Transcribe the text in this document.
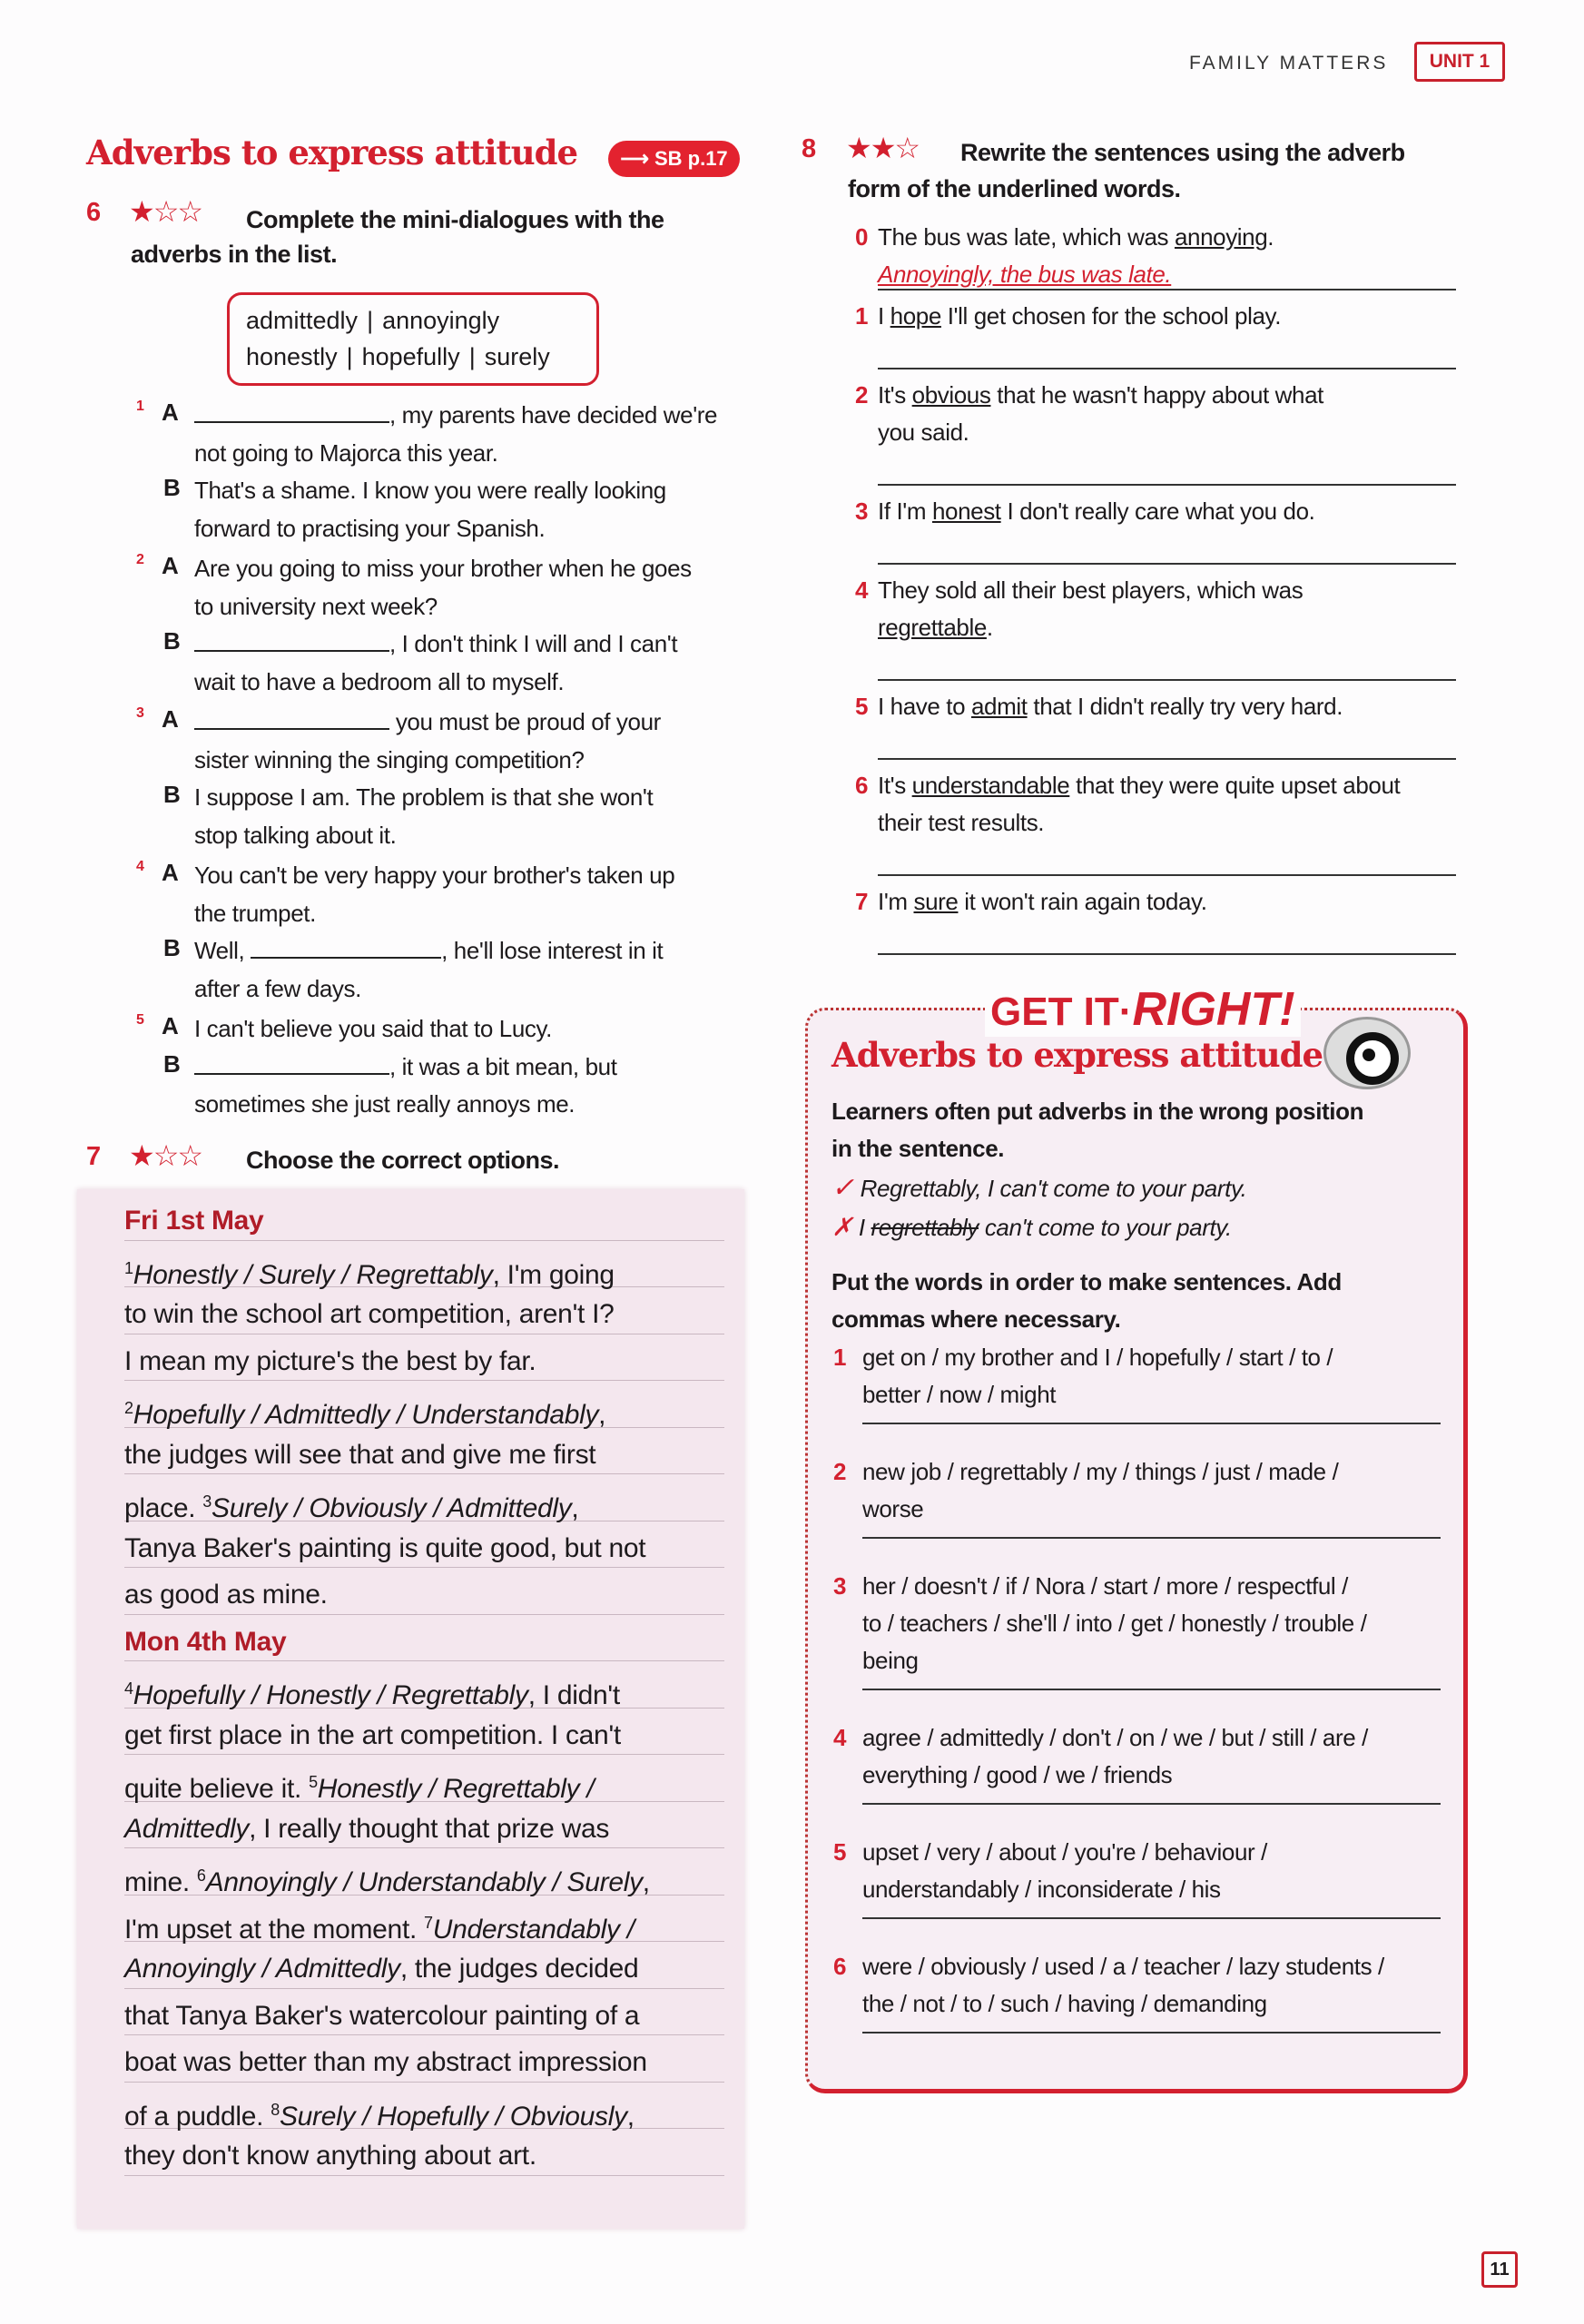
FAMILY MATTERS	UNIT 1
Adverbs to express attitude	⟶ SB p.17
6 ★☆☆ Complete the mini-dialogues with the
adverbs in the list.
admittedly | annoyingly
honestly | hopefully | surely
7 ★☆☆ Choose the correct options.
Fri 1st May
$^1$Honestly / Surely / Regrettably, I'm going
to win the school art competition, aren't I?
I mean my picture's the best by far.
$^2$Hopefully / Admittedly / Understandably,
the judges will see that and give me first
place. $^3$Surely / Obviously / Admittedly,
Tanya Baker's painting is quite good, but not
as good as mine.
Mon 4th May
$^4$Hopefully / Honestly / Regrettably, I didn't
get first place in the art competition. I can't
quite believe it. $^5$Honestly / Regrettably /
Admittedly, I really thought that prize was
mine. $^6$Annoyingly / Understandably / Surely,
I'm upset at the moment. $^7$Understandably /
Annoyingly / Admittedly, the judges decided
that Tanya Baker's watercolour painting of a
boat was better than my abstract impression
of a puddle. $^8$Surely / Hopefully / Obviously,
they don't know anything about art.
8 ★★☆ Rewrite the sentences using the adverb
form of the underlined words.
GET IT·RIGHT!
Adverbs to express attitude
Learners often put adverbs in the wrong position
in the sentence.
✓ Regrettably, I can't come to your party.
✗ I regrettably can't come to your party.
Put the words in order to make sentences. Add
commas where necessary.
11
1 A	, my parents have decided we're
not going to Majorca this year.
B That's a shame. I know you were really looking
forward to practising your Spanish.
2 A Are you going to miss your brother when he goes
to university next week?
B	, I don't think I will and I can't
wait to have a bedroom all to myself.
3 A	you must be proud of your
sister winning the singing competition?
B I suppose I am. The problem is that she won't
stop talking about it.
4 A You can't be very happy your brother's taken up
the trumpet.
B Well,	, he'll lose interest in it
after a few days.
5 A I can't believe you said that to Lucy.
B	, it was a bit mean, but
sometimes she just really annoys me.
0 The bus was late, which was annoying.
Annoyingly, the bus was late.
1 I hope I'll get chosen for the school play.
2 It's obvious that he wasn't happy about what
you said.
3 If I'm honest I don't really care what you do.
4 They sold all their best players, which was
regrettable.
5 I have to admit that I didn't really try very hard.
6 It's understandable that they were quite upset about
their test results.
7 I'm sure it won't rain again today.
1 get on / my brother and I / hopefully / start / to /
better / now / might
2 new job / regrettably / my / things / just / made /
worse
3 her / doesn't / if / Nora / start / more / respectful /
to / teachers / she'll / into / get / honestly / trouble /
being
4 agree / admittedly / don't / on / we / but / still / are /
everything / good / we / friends
5 upset / very / about / you're / behaviour /
understandably / inconsiderate / his
6 were / obviously / used / a / teacher / lazy students /
the / not / to / such / having / demanding
